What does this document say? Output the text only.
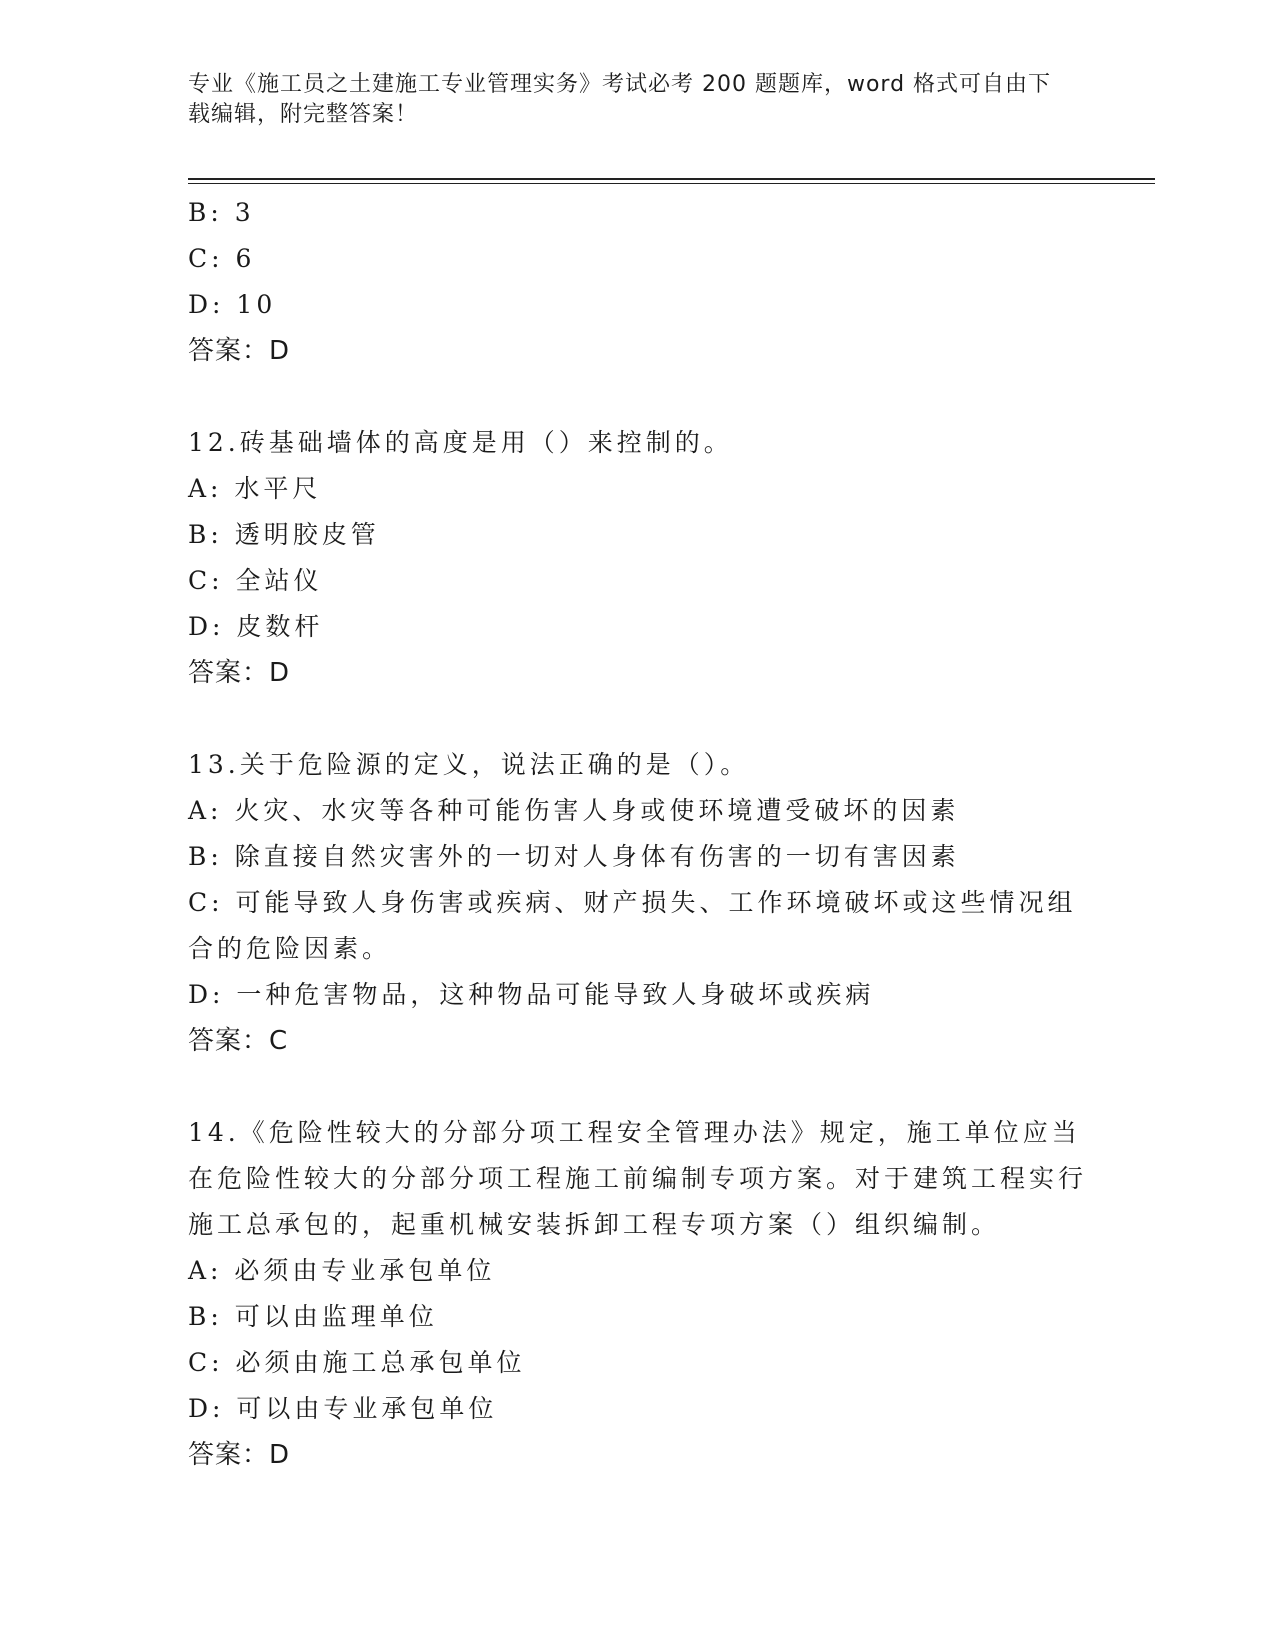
专业《施工员之土建施工专业管理实务》考试必考 200 题题库，word 格式可自由下载编辑，附完整答案！
B: 3
C: 6
D: 10
答案：D
12.砖基础墙体的高度是用（）来控制的。
A: 水平尺
B: 透明胶皮管
C: 全站仪
D: 皮数杆
答案：D
13.关于危险源的定义，说法正确的是（）。
A: 火灾、水灾等各种可能伤害人身或使环境遭受破坏的因素
B: 除直接自然灾害外的一切对人身体有伤害的一切有害因素
C: 可能导致人身伤害或疾病、财产损失、工作环境破坏或这些情况组合的危险因素。
D: 一种危害物品，这种物品可能导致人身破坏或疾病
答案：C
14.《危险性较大的分部分项工程安全管理办法》规定，施工单位应当在危险性较大的分部分项工程施工前编制专项方案。对于建筑工程实行施工总承包的，起重机械安装拆卸工程专项方案（）组织编制。
A: 必须由专业承包单位
B: 可以由监理单位
C: 必须由施工总承包单位
D: 可以由专业承包单位
答案：D
